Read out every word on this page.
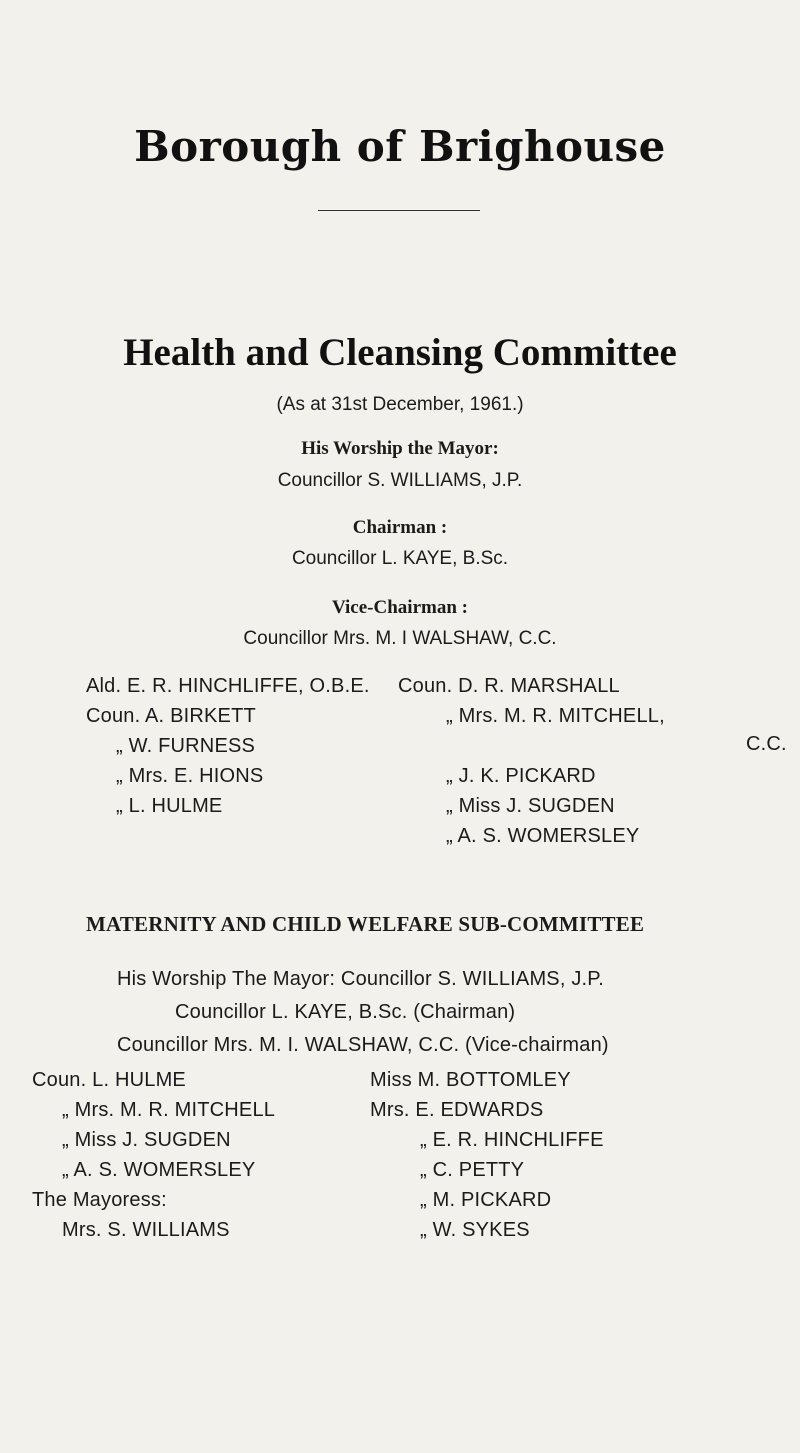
Borough of Brighouse
Health and Cleansing Committee
(As at 31st December, 1961.)
His Worship the Mayor:
Councillor S. WILLIAMS, J.P.
Chairman :
Councillor L. KAYE, B.Sc.
Vice-Chairman :
Councillor Mrs. M. I WALSHAW, C.C.
Ald. E. R. HINCHLIFFE, O.B.E.
Coun. A. BIRKETT
„ W. FURNESS
„ Mrs. E. HIONS
„ L. HULME
Coun. D. R. MARSHALL
„ Mrs. M. R. MITCHELL,
C.C.
„ J. K. PICKARD
„ Miss J. SUGDEN
„ A. S. WOMERSLEY
MATERNITY AND CHILD WELFARE SUB-COMMITTEE
His Worship The Mayor: Councillor S. WILLIAMS, J.P.
Councillor L. KAYE, B.Sc. (Chairman)
Councillor Mrs. M. I. WALSHAW, C.C. (Vice-chairman)
Coun. L. HULME
„ Mrs. M. R. MITCHELL
„ Miss J. SUGDEN
„ A. S. WOMERSLEY
The Mayoress:
Mrs. S. WILLIAMS
Miss M. BOTTOMLEY
Mrs. E. EDWARDS
„ E. R. HINCHLIFFE
„ C. PETTY
„ M. PICKARD
„ W. SYKES
